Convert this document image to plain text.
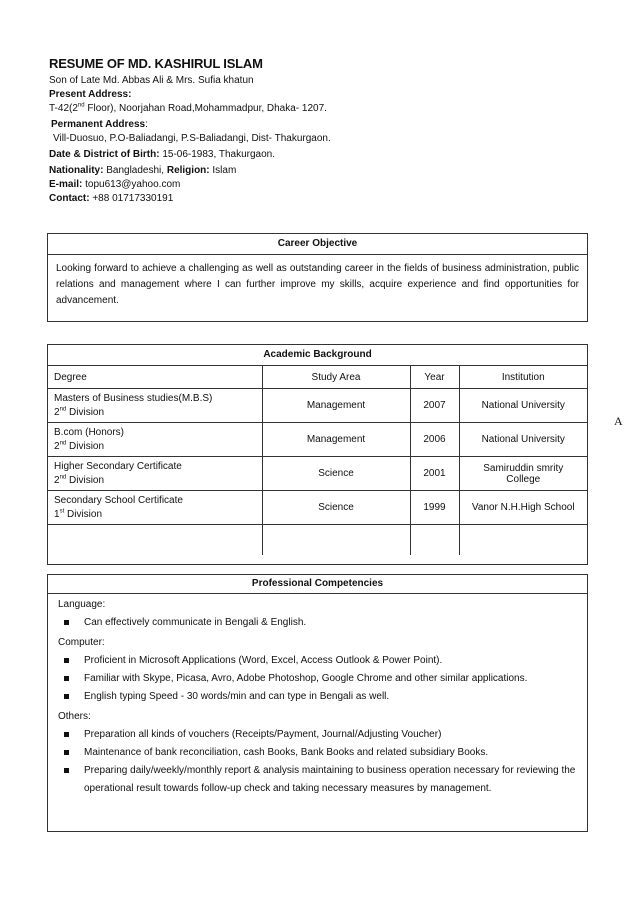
RESUME OF MD. KASHIRUL ISLAM
Son of Late Md. Abbas Ali & Mrs. Sufia khatun
Present Address:
T-42(2nd Floor), Noorjahan Road,Mohammadpur, Dhaka- 1207.
Permanent Address:
Vill-Duosuo, P.O-Baliadangi, P.S-Baliadangi, Dist- Thakurgaon.
Date & District of Birth: 15-06-1983, Thakurgaon.
Nationality: Bangladeshi, Religion: Islam
E-mail: topu613@yahoo.com
Contact: +88 01717330191
Career Objective
Looking forward to achieve a challenging as well as outstanding career in the fields of business administration, public relations and management where I can further improve my skills, acquire experience and find opportunities for advancement.
Academic Background
Degree	Study Area	Year	Institution

Masters of Business studies(M.B.S)
2nd Division	Management	2007	National University

B.com (Honors)
2nd Division	Management	2006	National University

Higher Secondary Certificate
2nd Division	Science	2001	Samiruddin smrity College

Secondary School Certificate
1st Division	Science	1999	Vanor N.H.High School

Professional Competencies
Language:
Can effectively communicate in Bengali & English.
Computer:
Proficient in Microsoft Applications (Word, Excel, Access Outlook & Power Point).
Familiar with Skype, Picasa, Avro, Adobe Photoshop, Google Chrome and other similar applications.
English typing Speed - 30 words/min and can type in Bengali as well.
Others:
Preparation all kinds of vouchers (Receipts/Payment, Journal/Adjusting Voucher)
Maintenance of bank reconciliation, cash Books, Bank Books and related subsidiary Books.
Preparing daily/weekly/monthly report & analysis maintaining to business operation necessary for reviewing the operational result towards follow-up check and taking necessary measures by management.
A
